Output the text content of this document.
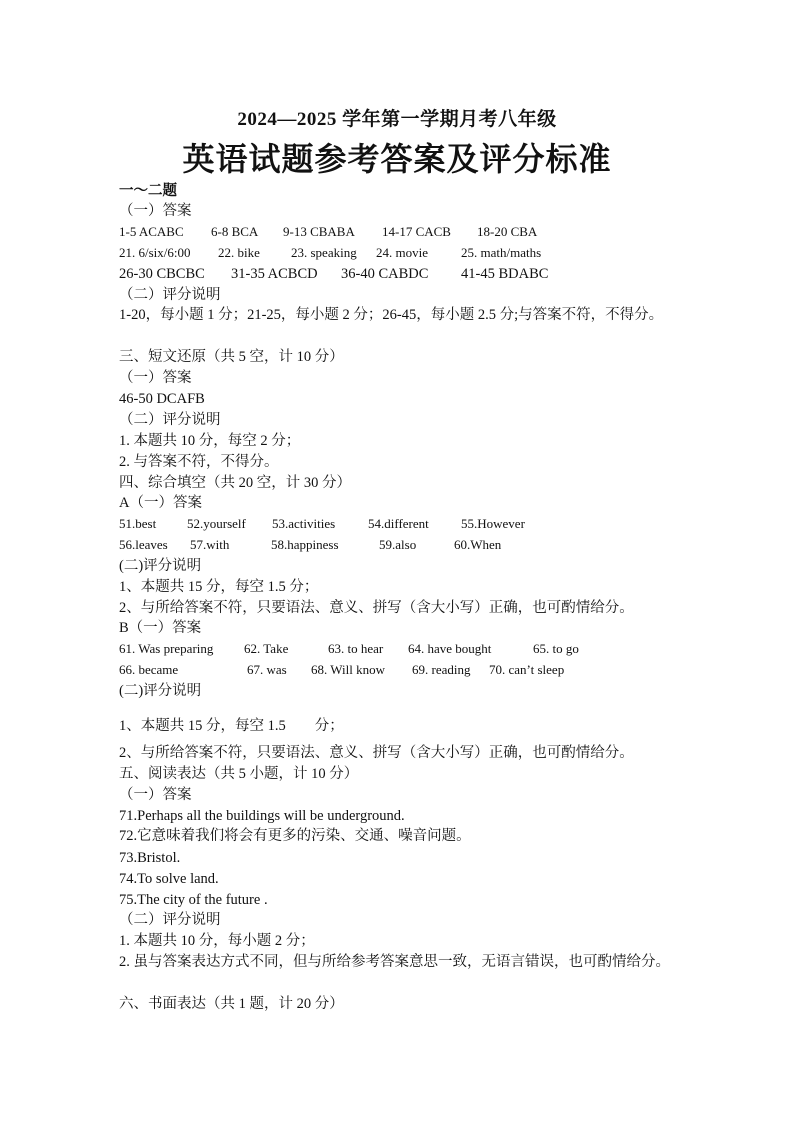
2024—2025 学年第一学期月考八年级
英语试题参考答案及评分标准
一～二题
（一）答案
1-5 ACABC 6-8 BCA 9-13 CBABA 14-17 CACB 18-20 CBA
21. 6/six/6:00 22. bike 23. speaking 24. movie	25. math/maths
26-30 CBCBC 31-35 ACBCD 36-40 CABDC 41-45 BDABC
（二）评分说明
1-20，每小题 1 分；21-25，每小题 2 分；26-45，每小题 2.5 分;与答案不符，不得分。
三、短文还原（共 5 空，计 10 分）
（一）答案
46-50 DCAFB
（二）评分说明
1. 本题共 10 分，每空 2 分；
2. 与答案不符，不得分。
四、综合填空（共 20 空，计 30 分）
A（一）答案
51.best 52.yourself 53.activities	54.different 55.However
56.leaves 57.with	58.happiness	59.also	60.When
(二)评分说明
1、本题共 15 分，每空 1.5 分；
2、与所给答案不符，只要语法、意义、拼写（含大小写）正确，也可酌情给分。
B（一）答案
61. Was preparing 62. Take	63. to hear 64. have bought	65. to go
66. became	67. was 68. Will know 69. reading 70. can’t sleep
(二)评分说明
1、本题共 15 分，每空 1.5　　分；
2、与所给答案不符，只要语法、意义、拼写（含大小写）正确，也可酌情给分。
五、阅读表达（共 5 小题，计 10 分）
（一）答案
71.Perhaps all the buildings will be underground.
72.它意味着我们将会有更多的污染、交通、噪音问题。
73.Bristol.
74.To solve land.
75.The city of the future .
（二）评分说明
1. 本题共 10 分，每小题 2 分；
2. 虽与答案表达方式不同，但与所给参考答案意思一致，无语言错误，也可酌情给分。
六、书面表达（共 1 题，计 20 分）
